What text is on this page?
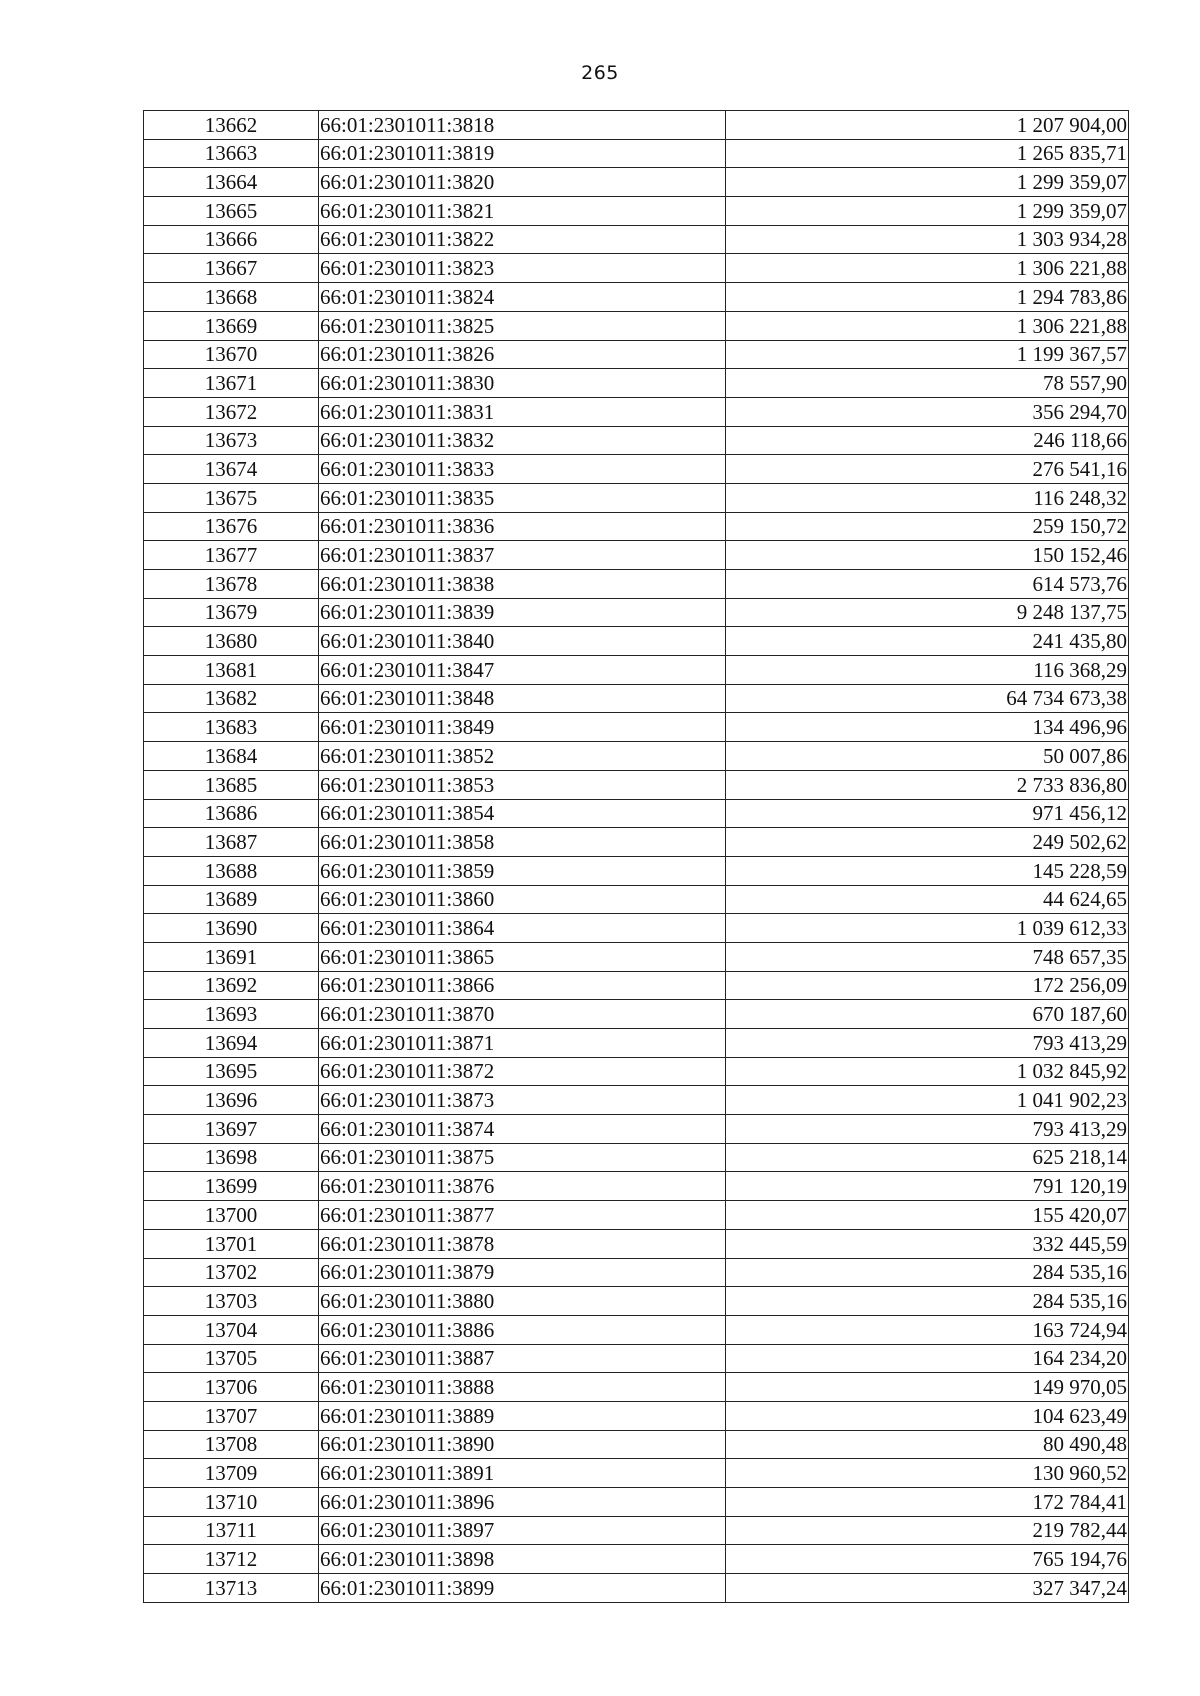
265
13662	66:01:2301011:3818	1 207 904,00
13663	66:01:2301011:3819	1 265 835,71
13664	66:01:2301011:3820	1 299 359,07
13665	66:01:2301011:3821	1 299 359,07
13666	66:01:2301011:3822	1 303 934,28
13667	66:01:2301011:3823	1 306 221,88
13668	66:01:2301011:3824	1 294 783,86
13669	66:01:2301011:3825	1 306 221,88
13670	66:01:2301011:3826	1 199 367,57
13671	66:01:2301011:3830	78 557,90
13672	66:01:2301011:3831	356 294,70
13673	66:01:2301011:3832	246 118,66
13674	66:01:2301011:3833	276 541,16
13675	66:01:2301011:3835	116 248,32
13676	66:01:2301011:3836	259 150,72
13677	66:01:2301011:3837	150 152,46
13678	66:01:2301011:3838	614 573,76
13679	66:01:2301011:3839	9 248 137,75
13680	66:01:2301011:3840	241 435,80
13681	66:01:2301011:3847	116 368,29
13682	66:01:2301011:3848	64 734 673,38
13683	66:01:2301011:3849	134 496,96
13684	66:01:2301011:3852	50 007,86
13685	66:01:2301011:3853	2 733 836,80
13686	66:01:2301011:3854	971 456,12
13687	66:01:2301011:3858	249 502,62
13688	66:01:2301011:3859	145 228,59
13689	66:01:2301011:3860	44 624,65
13690	66:01:2301011:3864	1 039 612,33
13691	66:01:2301011:3865	748 657,35
13692	66:01:2301011:3866	172 256,09
13693	66:01:2301011:3870	670 187,60
13694	66:01:2301011:3871	793 413,29
13695	66:01:2301011:3872	1 032 845,92
13696	66:01:2301011:3873	1 041 902,23
13697	66:01:2301011:3874	793 413,29
13698	66:01:2301011:3875	625 218,14
13699	66:01:2301011:3876	791 120,19
13700	66:01:2301011:3877	155 420,07
13701	66:01:2301011:3878	332 445,59
13702	66:01:2301011:3879	284 535,16
13703	66:01:2301011:3880	284 535,16
13704	66:01:2301011:3886	163 724,94
13705	66:01:2301011:3887	164 234,20
13706	66:01:2301011:3888	149 970,05
13707	66:01:2301011:3889	104 623,49
13708	66:01:2301011:3890	80 490,48
13709	66:01:2301011:3891	130 960,52
13710	66:01:2301011:3896	172 784,41
13711	66:01:2301011:3897	219 782,44
13712	66:01:2301011:3898	765 194,76
13713	66:01:2301011:3899	327 347,24
